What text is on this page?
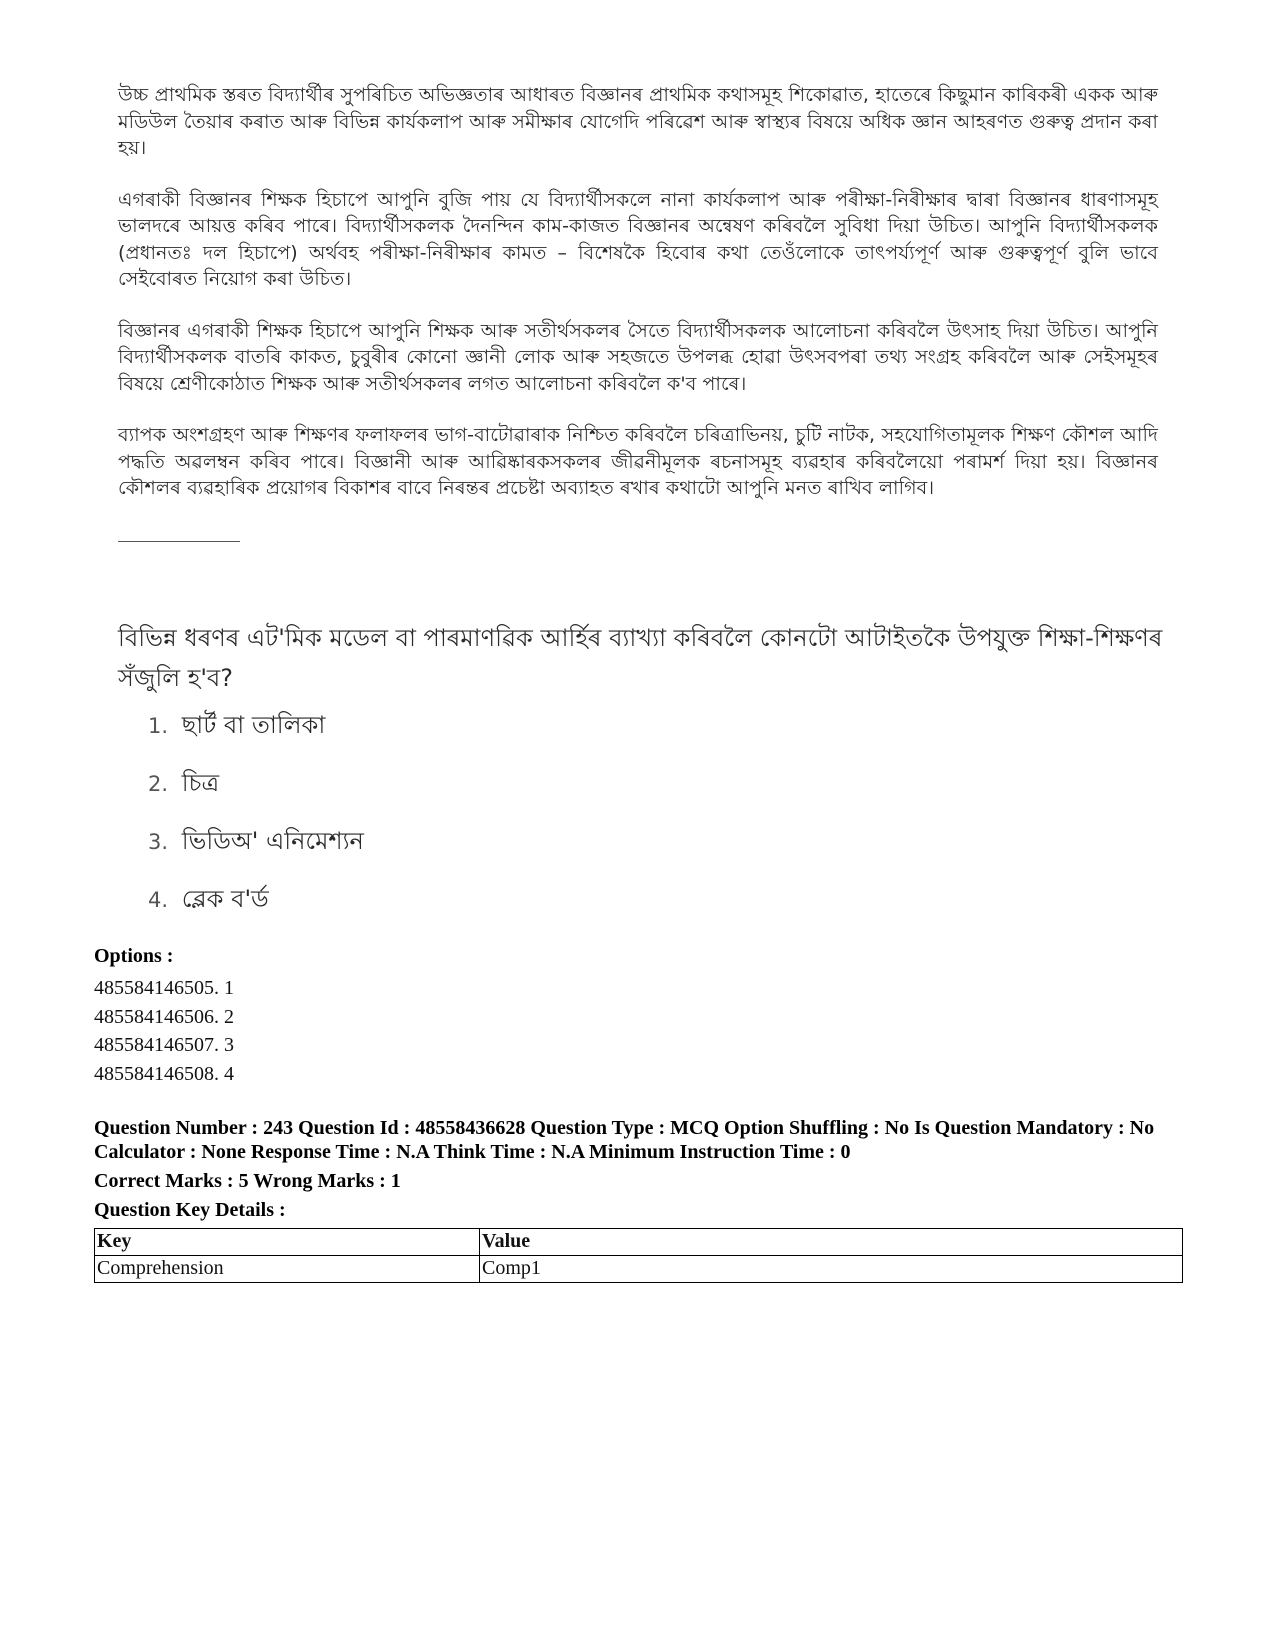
উচ্চ প্ৰাথমিক স্তৰত বিদ্যাৰ্থীৰ সুপৰিচিত অভিজ্ঞতাৰ আধাৰত বিজ্ঞানৰ প্ৰাথমিক কথাসমূহ শিকোৱাত, হাতেৰে কিছুমান কাৰিকৰী একক আৰু মডিউল তৈয়াৰ কৰাত আৰু বিভিন্ন কাৰ্যকলাপ আৰু সমীক্ষাৰ যোগেদি পৰিৱেশ আৰু স্বাস্থ্যৰ বিষয়ে অধিক জ্ঞান আহৰণত গুৰুত্ব প্ৰদান কৰা হয়।

এগৰাকী বিজ্ঞানৰ শিক্ষক হিচাপে আপুনি বুজি পায় যে বিদ্যাৰ্থীসকলে নানা কাৰ্যকলাপ আৰু পৰীক্ষা-নিৰীক্ষাৰ দ্বাৰা বিজ্ঞানৰ ধাৰণাসমূহ ভালদৰে আয়ত্ত কৰিব পাৰে। বিদ্যাৰ্থীসকলক দৈনন্দিন কাম-কাজত বিজ্ঞানৰ অন্বেষণ কৰিবলৈ সুবিধা দিয়া উচিত। আপুনি বিদ্যাৰ্থীসকলক (প্ৰধানতঃ দল হিচাপে) অৰ্থবহ পৰীক্ষা-নিৰীক্ষাৰ কামত – বিশেষকৈ হিবোৰ কথা তেওঁলোকে তাৎপৰ্য্যপূৰ্ণ আৰু গুৰুত্বপূৰ্ণ বুলি ভাবে সেইবোৰত নিয়োগ কৰা উচিত।

বিজ্ঞানৰ এগৰাকী শিক্ষক হিচাপে আপুনি শিক্ষক আৰু সতীৰ্থসকলৰ সৈতে বিদ্যাৰ্থীসকলক আলোচনা কৰিবলৈ উৎসাহ দিয়া উচিত। আপুনি বিদ্যাৰ্থীসকলক বাতৰি কাকত, চুবুৰীৰ কোনো জ্ঞানী লোক আৰু সহজতে উপলব্ধ হোৱা উৎসবপৰা তথ্য সংগ্ৰহ কৰিবলৈ আৰু সেইসমূহৰ বিষয়ে শ্ৰেণীকোঠাত শিক্ষক আৰু সতীৰ্থসকলৰ লগত আলোচনা কৰিবলৈ ক'ব পাৰে।

ব্যাপক অংশগ্ৰহণ আৰু শিক্ষণৰ ফলাফলৰ ভাগ-বাটোৱাৰাক নিশ্চিত কৰিবলৈ চৰিত্ৰাভিনয়, চুটি নাটক, সহযোগিতামূলক শিক্ষণ কৌশল আদি পদ্ধতি অৱলম্বন কৰিব পাৰে। বিজ্ঞানী আৰু আৱিষ্কাৰকসকলৰ জীৱনীমূলক ৰচনাসমূহ ব্যৱহাৰ কৰিবলৈয়ো পৰামৰ্শ দিয়া হয়। বিজ্ঞানৰ কৌশলৰ ব্যৱহাৰিক প্ৰয়োগৰ বিকাশৰ বাবে নিৰন্তৰ প্ৰচেষ্টা অব্যাহত ৰখাৰ কথাটো আপুনি মনত ৰাখিব লাগিব।

বিভিন্ন ধৰণৰ এট'মিক মডেল বা পাৰমাণৱিক আৰ্হিৰ ব্যাখ্যা কৰিবলৈ কোনটো আটাইতকৈ উপযুক্ত শিক্ষা-শিক্ষণৰ সঁজুলি হ'ব?
1. ছাৰ্ট বা তালিকা
2. চিত্ৰ
3. ভিডিঅ' এনিমেশ্যন
4. ব্লেক ব'ৰ্ড
Options :
485584146505. 1
485584146506. 2
485584146507. 3
485584146508. 4
Question Number : 243 Question Id : 48558436628 Question Type : MCQ Option Shuffling : No Is Question Mandatory : No Calculator : None Response Time : N.A Think Time : N.A Minimum Instruction Time : 0
Correct Marks : 5 Wrong Marks : 1
Question Key Details :
Key	Value
Comprehension	Comp1
